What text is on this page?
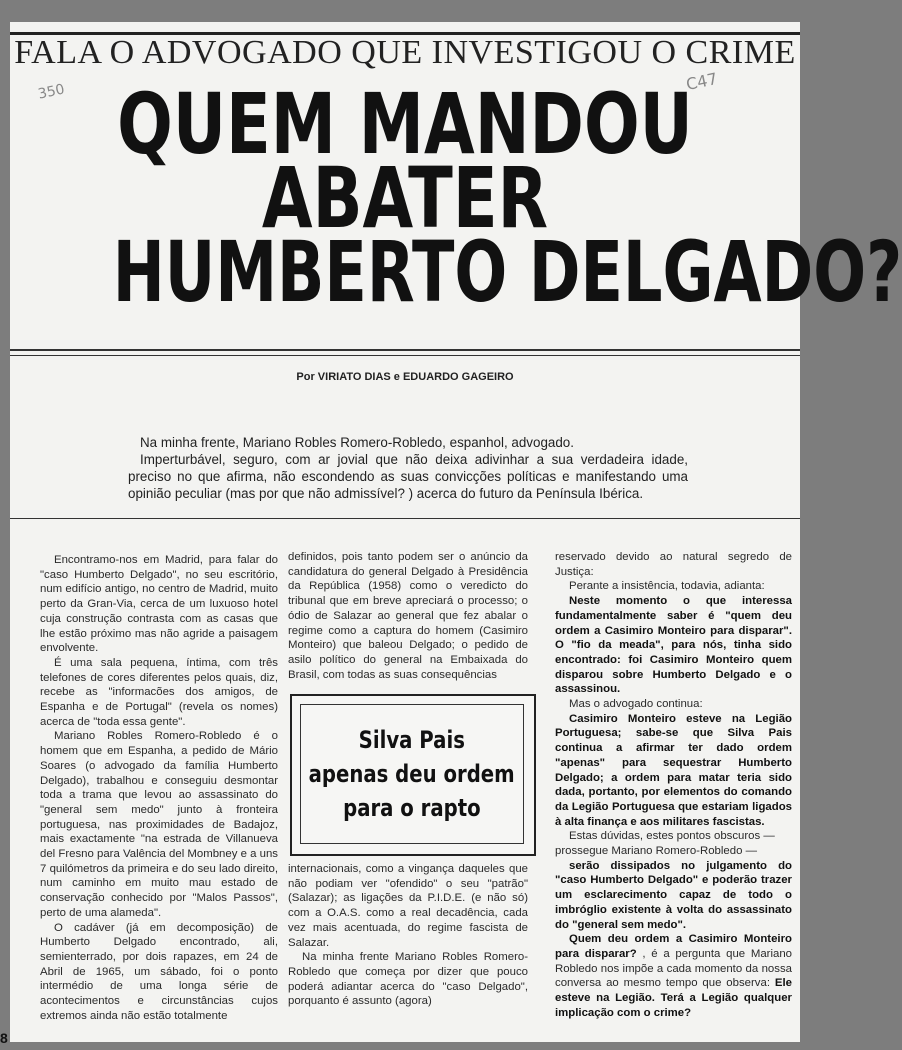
FALA O ADVOGADO QUE INVESTIGOU O CRIME
350	C47
QUEM MANDOU
ABATER
HUMBERTO DELGADO?
Por VIRIATO DIAS e EDUARDO GAGEIRO

Na minha frente, Mariano Robles Romero-Robledo, espanhol, advogado.

Imperturbável, seguro, com ar jovial que não deixa adivinhar a sua verdadeira idade, preciso no que afirma, não escondendo as suas convicções políticas e manifestando uma opinião peculiar (mas por que não admissível? ) acerca do futuro da Península Ibérica.

Encontramo-nos em Madrid, para falar do "caso Humberto Delgado", no seu escritório, num edifício antigo, no centro de Madrid, muito perto da Gran-Via, cerca de um luxuoso hotel cuja construção contrasta com as casas que lhe estão próximo mas não agride a paisagem envolvente.

É uma sala pequena, íntima, com três telefones de cores diferentes pelos quais, diz, recebe as "informacões dos amigos, de Espanha e de Portugal" (revela os nomes) acerca de "toda essa gente".

Mariano Robles Romero-Robledo é o homem que em Espanha, a pedido de Mário Soares (o advogado da família Humberto Delgado), trabalhou e conseguiu desmontar toda a trama que levou ao assassinato do "general sem medo" junto à fronteira portuguesa, nas proximidades de Badajoz, mais exactamente "na estrada de Villanueva del Fresno para Valência del Mombney e a uns 7 quilómetros da primeira e do seu lado direito, num caminho em muito mau estado de conservação conhecido por "Malos Passos", perto de uma alameda".

O cadáver (já em decomposição) de Humberto Delgado encontrado, ali, semienterrado, por dois rapazes, em 24 de Abril de 1965, um sábado, foi o ponto intermédio de uma longa série de acontecimentos e circunstâncias cujos extremos ainda não estão totalmente

definidos, pois tanto podem ser o anúncio da candidatura do general Delgado à Presidência da República (1958) como o veredicto do tribunal que em breve apreciará o processo; o ódio de Salazar ao general que fez abalar o regime como a captura do homem (Casimiro Monteiro) que baleou Delgado; o pedido de asilo político do general na Embaixada do Brasil, com todas as suas consequências

Silva Pais
apenas deu ordem
para o rapto

internacionais, como a vingança daqueles que não podiam ver "ofendido" o seu "patrão" (Salazar); as ligações da P.I.D.E. (e não só) com a O.A.S. como a real decadência, cada vez mais acentuada, do regime fascista de Salazar.

Na minha frente Mariano Robles Romero-Robledo que começa por dizer que pouco poderá adiantar acerca do "caso Delgado", porquanto é assunto (agora)

reservado devido ao natural segredo de Justiça:

Perante a insistência, todavia, adianta:

Neste momento o que interessa fundamentalmente saber é "quem deu ordem a Casimiro Monteiro para disparar". O "fio da meada", para nós, tinha sido encontrado: foi Casimiro Monteiro quem disparou sobre Humberto Delgado e o assassinou.

Mas o advogado continua:

Casimiro Monteiro esteve na Legião Portuguesa; sabe-se que Silva Pais continua a afirmar ter dado ordem "apenas" para sequestrar Humberto Delgado; a ordem para matar teria sido dada, portanto, por elementos do comando da Legião Portuguesa que estariam ligados à alta finança e aos militares fascistas.

Estas dúvidas, estes pontos obscuros —

prossegue Mariano Romero-Robledo —

serão dissipados no julgamento do "caso Humberto Delgado" e poderão trazer um esclarecimento capaz de todo o imbróglio existente à volta do assassinato do "general sem medo".

Quem deu ordem a Casimiro Monteiro para disparar? , é a pergunta que Mariano Robledo nos impõe a cada momento da nossa conversa ao mesmo tempo que observa: Ele esteve na Legião. Terá a Legião qualquer implicação com o crime?

8
